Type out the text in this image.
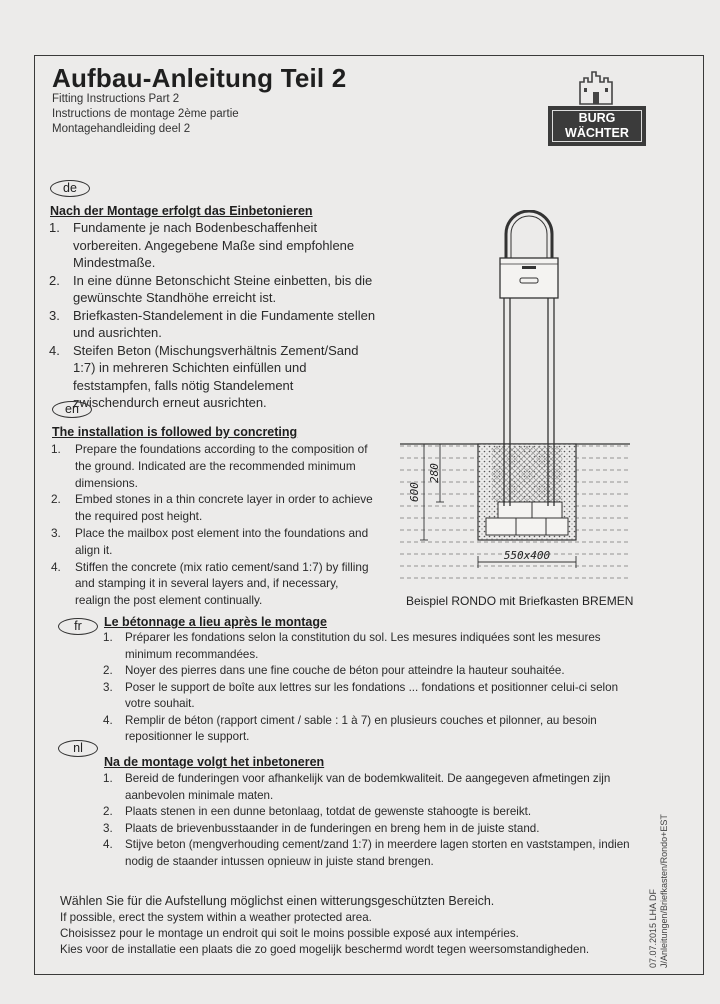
Aufbau-Anleitung Teil 2
Fitting Instructions Part 2
Instructions de montage 2ème partie
Montagehandleiding deel 2
BURG
WÄCHTER
de
Nach der Montage erfolgt das Einbetonieren
1. Fundamente je nach Bodenbeschaffenheit vorbereiten. Angegebene Maße sind empfohlene Mindestmaße.
2. In eine dünne Betonschicht Steine einbetten, bis die gewünschte Standhöhe erreicht ist.
3. Briefkasten-Standelement in die Fundamente stellen und ausrichten.
4. Steifen Beton (Mischungsverhältnis Zement/Sand 1:7) in mehreren Schichten einfüllen und feststampfen, falls nötig Standelement zwischendurch erneut ausrichten.
en
The installation is followed by concreting
1. Prepare the foundations according to the composition of the ground. Indicated are the recommended minimum dimensions.
2. Embed stones in a thin concrete layer in order to achieve the required post height.
3. Place the mailbox post element into the foundations and align it.
4. Stiffen the concrete (mix ratio cement/sand 1:7) by filling and stamping it in several layers and, if necessary, realign the post element continually.
600
280
550x400
Beispiel RONDO mit Briefkasten BREMEN
fr	Le bétonnage a lieu après le montage
1. Préparer les fondations selon la constitution du sol. Les mesures indiquées sont les mesures minimum recommandées.
2. Noyer des pierres dans une fine couche de béton pour atteindre la hauteur souhaitée.
3. Poser le support de boîte aux lettres sur les fondations ... fondations et positionner celui-ci selon votre souhait.
4. Remplir de béton (rapport ciment / sable : 1 à 7) en plusieurs couches et pilonner, au besoin repositionner le support.
nl
Na de montage volgt het inbetoneren
1. Bereid de funderingen voor afhankelijk van de bodemkwaliteit. De aangegeven afmetingen zijn aanbevolen minimale maten.
2. Plaats stenen in een dunne betonlaag, totdat de gewenste stahoogte is bereikt.
3. Plaats de brievenbusstaander in de funderingen en breng hem in de juiste stand.
4. Stijve beton (mengverhouding cement/zand 1:7) in meerdere lagen storten en vaststampen, indien nodig de staander intussen opnieuw in juiste stand brengen.
Wählen Sie für die Aufstellung möglichst einen witterungsgeschützten Bereich.
If possible, erect the system within a weather protected area.
Choisissez pour le montage un endroit qui soit le moins possible exposé aux intempéries.
Kies voor de installatie een plaats die zo goed mogelijk beschermd wordt tegen weersomstandigheden.	07.07.2015 LHA DF J/Anleitungen/Briefkasten/Rondo+EST
